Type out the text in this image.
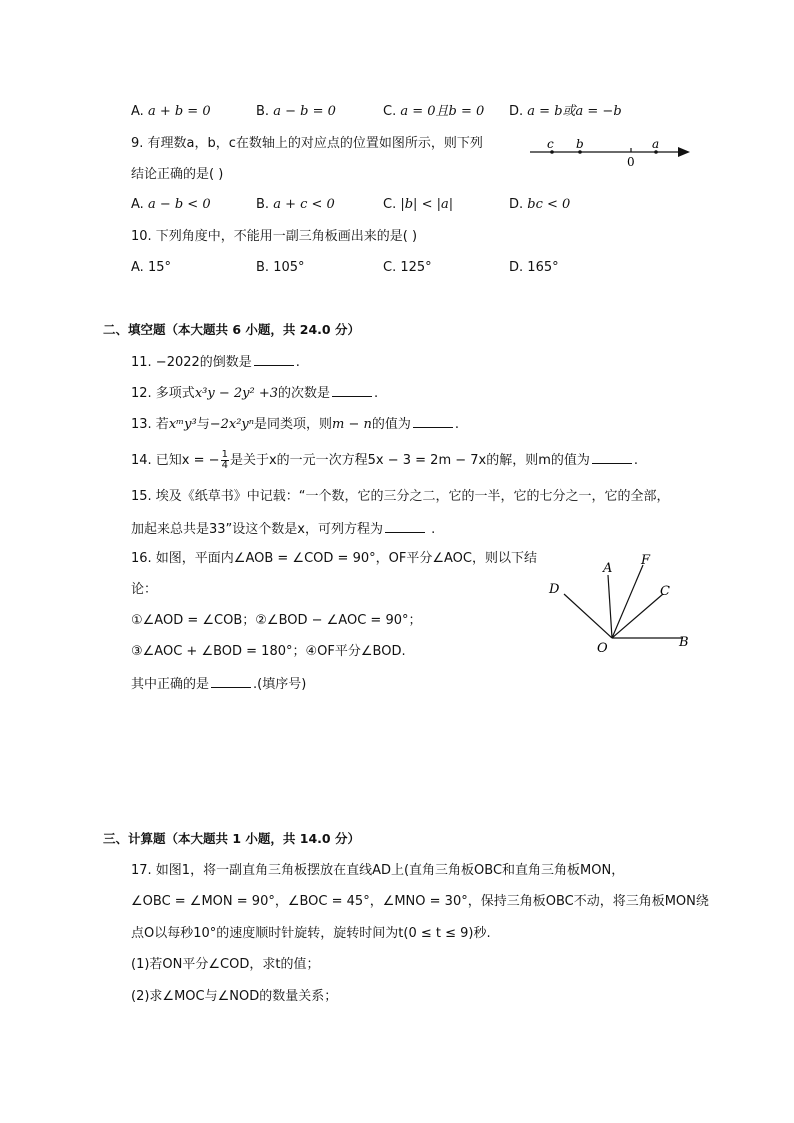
A. a + b = 0	B. a − b = 0	C. a = 0且b = 0 D. a = b或a = −b
9. 有理数a，b，c在数轴上的对应点的位置如图所示，则下列
结论正确的是( )
c b
0
a
A. a − b < 0	B. a + c < 0	C. |b| < |a|	D. bc < 0
10. 下列角度中，不能用一副三角板画出来的是( )
A. 15°	B. 105°	C. 125°	D. 165°
二、填空题（本大题共 6 小题，共 24.0 分）
11. −2022的倒数是	.
12. 多项式x³y − 2y² +3的次数是	.
13. 若xᵐy³与−2x²yⁿ是同类项，则m − n的值为	.
14. 已知x = − $\frac{1}{4}$ 是关于x的一元一次方程5x − 3 = 2m − 7x的解，则m的值为	.
15. 埃及《纸草书》中记载：“一个数，它的三分之二，它的一半，它的七分之一，它的全部，
加起来总共是33”设这个数是x，可列方程为	.
16. 如图，平面内∠AOB = ∠COD = 90°，OF平分∠AOC，则以下结
论：
①∠AOD = ∠COB；②∠BOD − ∠AOC = 90°；
③∠AOC + ∠BOD = 180°；④OF平分∠BOD.
其中正确的是	.(填序号)
A
F
C
D
O	B
三、计算题（本大题共 1 小题，共 14.0 分）
17. 如图1，将一副直角三角板摆放在直线AD上(直角三角板OBC和直角三角板MON，
∠OBC = ∠MON = 90°，∠BOC = 45°，∠MNO = 30°，保持三角板OBC不动，将三角板MON绕
点O以每秒10°的速度顺时针旋转，旋转时间为t(0 ≤ t ≤ 9)秒.
(1)若ON平分∠COD，求t的值；
(2)求∠MOC与∠NOD的数量关系；
